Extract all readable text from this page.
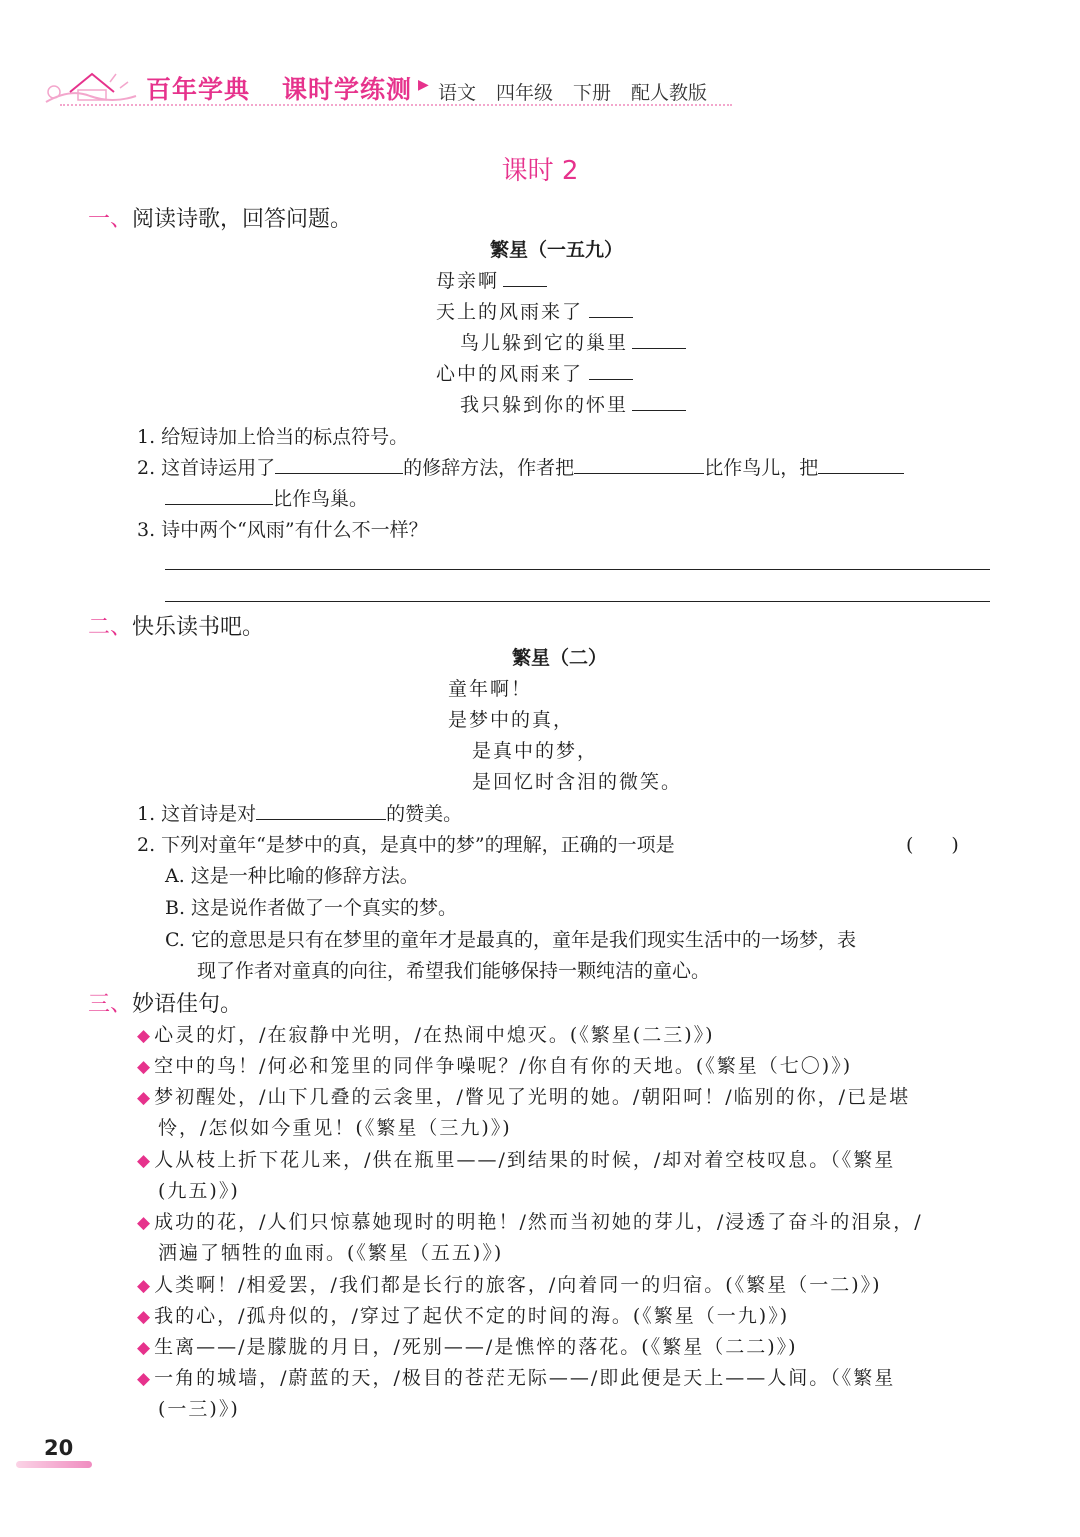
百年学典 课时学练测 ▶ 语文 四年级 下册 配人教版
课时 2
一、阅读诗歌，回答问题。
繁星（一五九）
母亲啊
天上的风雨来了
鸟儿躲到它的巢里
心中的风雨来了
我只躲到你的怀里
1. 给短诗加上恰当的标点符号。
2. 这首诗运用了	的修辞方法，作者把	比作鸟儿，把
比作鸟巢。
3. 诗中两个“风雨”有什么不一样？
二、快乐读书吧。
繁星（二）
童年啊！
是梦中的真，
是真中的梦，
是回忆时含泪的微笑。
1. 这首诗是对	的赞美。
2. 下列对童年“是梦中的真，是真中的梦”的理解，正确的一项是	(　　)
A. 这是一种比喻的修辞方法。
B. 这是说作者做了一个真实的梦。
C. 它的意思是只有在梦里的童年才是最真的，童年是我们现实生活中的一场梦，表
现了作者对童真的向往，希望我们能够保持一颗纯洁的童心。
三、妙语佳句。
◆ 心灵的灯，/在寂静中光明，/在热闹中熄灭。(《繁星(二三)》)
◆ 空中的鸟！/何必和笼里的同伴争噪呢？/你自有你的天地。(《繁星（七〇)》)
◆ 梦初醒处，/山下几叠的云衾里，/瞥见了光明的她。/朝阳呵！/临别的你，/已是堪
怜，/怎似如今重见！(《繁星（三九)》)
◆ 人从枝上折下花儿来，/供在瓶里——/到结果的时候，/却对着空枝叹息。（《繁星
(九五)》)
◆ 成功的花，/人们只惊慕她现时的明艳！/然而当初她的芽儿，/浸透了奋斗的泪泉，/
洒遍了牺牲的血雨。(《繁星（五五)》)
◆ 人类啊！/相爱罢，/我们都是长行的旅客，/向着同一的归宿。(《繁星（一二)》)
◆ 我的心，/孤舟似的，/穿过了起伏不定的时间的海。(《繁星（一九)》)
◆ 生离——/是朦胧的月日，/死别——/是憔悴的落花。(《繁星（二二)》)
◆ 一角的城墙，/蔚蓝的天，/极目的苍茫无际——/即此便是天上——人间。（《繁星
(一三)》)
20
